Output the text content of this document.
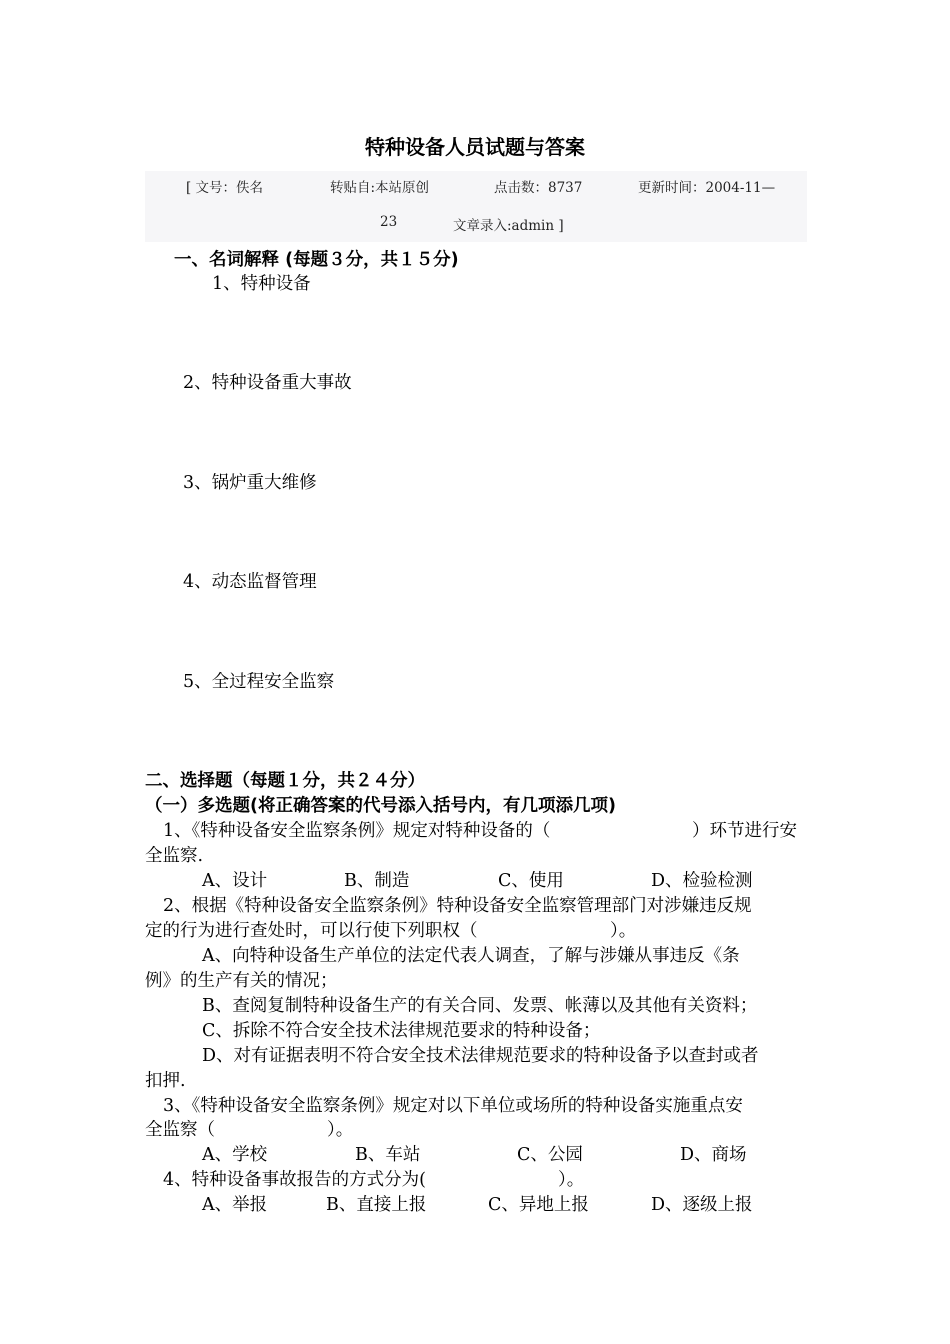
特种设备人员试题与答案
[ 文号：佚名	转贴自:本站原创	点击数：8737	更新时间：2004-11—
23	文章录入:admin ]
一、名词解释 (每题３分，共１５分)
1、特种设备
2、特种设备重大事故
3、锅炉重大维修
4、动态监督管理
5、全过程安全监察
二、选择题（每题１分，共２４分）
（一）多选题(将正确答案的代号添入括号内，有几项添几项)
1、《特种设备安全监察条例》规定对特种设备的（	）环节进行安
全监察.
A、设计	B、制造	C、使用	D、检验检测
2、根据《特种设备安全监察条例》特种设备安全监察管理部门对涉嫌违反规
定的行为进行查处时，可以行使下列职权（	）。
A、向特种设备生产单位的法定代表人调查，了解与涉嫌从事违反《条
例》的生产有关的情况；
B、查阅复制特种设备生产的有关合同、发票、帐薄以及其他有关资料；
C、拆除不符合安全技术法律规范要求的特种设备；
D、对有证据表明不符合安全技术法律规范要求的特种设备予以查封或者
扣押.
3、《特种设备安全监察条例》规定对以下单位或场所的特种设备实施重点安
全监察（	）。
A、学校	B、车站	C、公园	D、商场
4、特种设备事故报告的方式分为(	）。
A、举报	B、直接上报	C、异地上报	D、逐级上报
